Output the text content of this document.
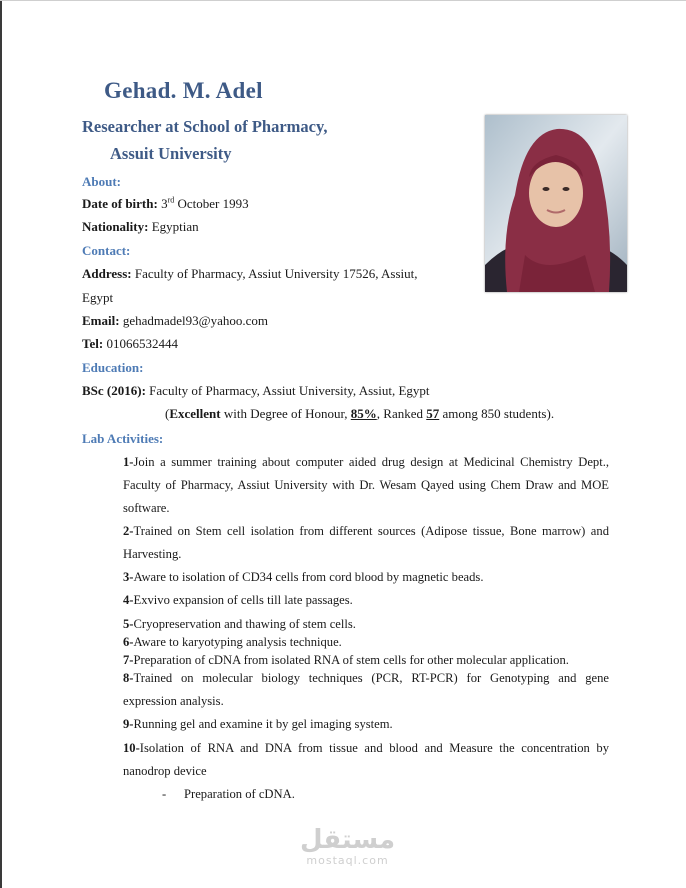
Gehad. M. Adel
Researcher at School of Pharmacy,
Assuit University
About:
Date of birth: 3rd October 1993
Nationality: Egyptian
Contact:
Address: Faculty of Pharmacy, Assiut University 17526, Assiut,
Egypt
Email: gehadmadel93@yahoo.com
Tel: 01066532444
Education:
BSc (2016): Faculty of Pharmacy, Assiut University, Assiut, Egypt
(Excellent with Degree of Honour, 85%, Ranked 57 among 850 students).
Lab Activities:
1-Join a summer training about computer aided drug design at Medicinal Chemistry Dept., Faculty of Pharmacy, Assiut University with Dr. Wesam Qayed using Chem Draw and MOE software.
2-Trained on Stem cell isolation from different sources (Adipose tissue, Bone marrow) and Harvesting.
3-Aware to isolation of CD34 cells from cord blood by magnetic beads.
4-Exvivo expansion of cells till late passages.
5-Cryopreservation and thawing of stem cells.
6-Aware to karyotyping analysis technique.
7-Preparation of cDNA from isolated RNA of stem cells for other molecular application.
8-Trained on molecular biology techniques (PCR, RT-PCR) for Genotyping and gene expression analysis.
9-Running gel and examine it by gel imaging system.
10-Isolation of RNA and DNA from tissue and blood and Measure the concentration by nanodrop device
- Preparation of cDNA.
مستقل
mostaql.com
